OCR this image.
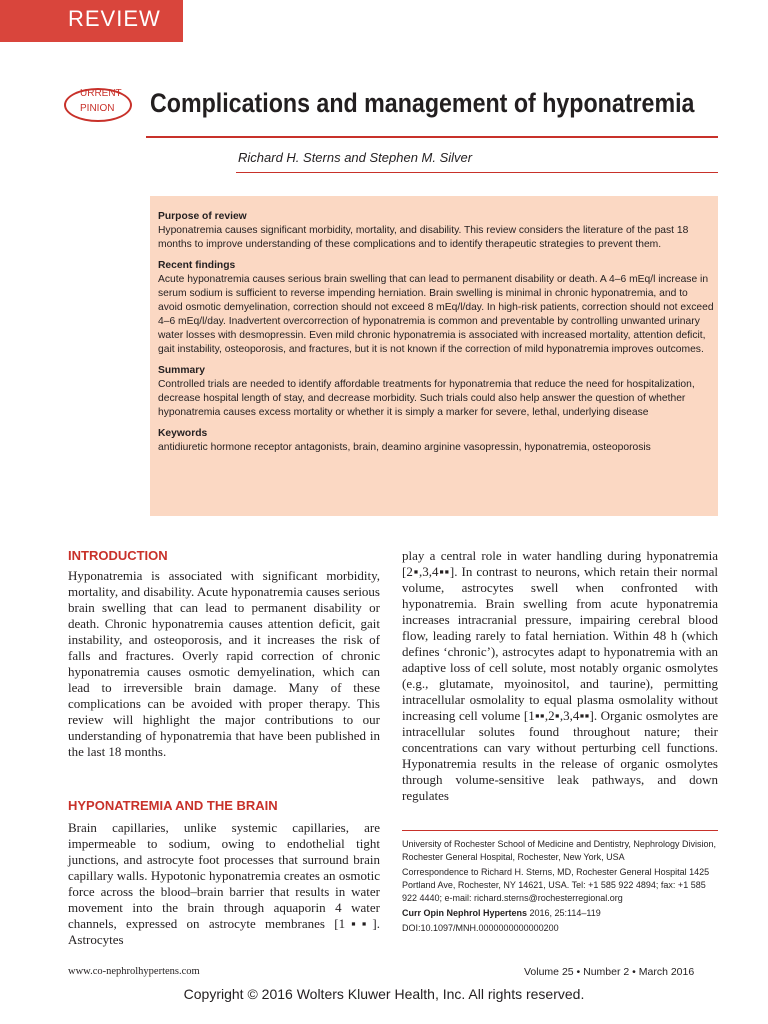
REVIEW
URRENT
PINION Complications and management of hyponatremia
Richard H. Sterns and Stephen M. Silver
Purpose of review
Hyponatremia causes significant morbidity, mortality, and disability. This review considers the literature of the past 18 months to improve understanding of these complications and to identify therapeutic strategies to prevent them.
Recent findings
Acute hyponatremia causes serious brain swelling that can lead to permanent disability or death. A 4–6 mEq/l increase in serum sodium is sufficient to reverse impending herniation. Brain swelling is minimal in chronic hyponatremia, and to avoid osmotic demyelination, correction should not exceed 8 mEq/l/day. In high-risk patients, correction should not exceed 4–6 mEq/l/day. Inadvertent overcorrection of hyponatremia is common and preventable by controlling unwanted urinary water losses with desmopressin. Even mild chronic hyponatremia is associated with increased mortality, attention deficit, gait instability, osteoporosis, and fractures, but it is not known if the correction of mild hyponatremia improves outcomes.
Summary
Controlled trials are needed to identify affordable treatments for hyponatremia that reduce the need for hospitalization, decrease hospital length of stay, and decrease morbidity. Such trials could also help answer the question of whether hyponatremia causes excess mortality or whether it is simply a marker for severe, lethal, underlying disease
Keywords
antidiuretic hormone receptor antagonists, brain, deamino arginine vasopressin, hyponatremia, osteoporosis
INTRODUCTION
Hyponatremia is associated with significant morbidity, mortality, and disability. Acute hyponatremia causes serious brain swelling that can lead to permanent disability or death. Chronic hyponatremia causes attention deficit, gait instability, and osteoporosis, and it increases the risk of falls and fractures. Overly rapid correction of chronic hyponatremia causes osmotic demyelination, which can lead to irreversible brain damage. Many of these complications can be avoided with proper therapy. This review will highlight the major contributions to our understanding of hyponatremia that have been published in the last 18 months.
HYPONATREMIA AND THE BRAIN
Brain capillaries, unlike systemic capillaries, are impermeable to sodium, owing to endothelial tight junctions, and astrocyte foot processes that surround brain capillary walls. Hypotonic hyponatremia creates an osmotic force across the blood–brain barrier that results in water movement into the brain through aquaporin 4 water channels, expressed on astrocyte membranes [1▪▪]. Astrocytes
play a central role in water handling during hyponatremia [2▪,3,4▪▪]. In contrast to neurons, which retain their normal volume, astrocytes swell when confronted with hyponatremia. Brain swelling from acute hyponatremia increases intracranial pressure, impairing cerebral blood flow, leading rarely to fatal herniation. Within 48 h (which defines ‘chronic’), astrocytes adapt to hyponatremia with an adaptive loss of cell solute, most notably organic osmolytes (e.g., glutamate, myoinositol, and taurine), permitting intracellular osmolality to equal plasma osmolality without increasing cell volume [1▪▪,2▪,3,4▪▪]. Organic osmolytes are intracellular solutes found throughout nature; their concentrations can vary without perturbing cell functions. Hyponatremia results in the release of organic osmolytes through volume-sensitive leak pathways, and down regulates

University of Rochester School of Medicine and Dentistry, Nephrology Division, Rochester General Hospital, Rochester, New York, USA

Correspondence to Richard H. Sterns, MD, Rochester General Hospital 1425 Portland Ave, Rochester, NY 14621, USA. Tel: +1 585 922 4894; fax: +1 585 922 4440; e-mail: richard.sterns@rochesterregional.org

Curr Opin Nephrol Hypertens 2016, 25:114–119

DOI:10.1097/MNH.0000000000000200

www.co-nephrolhypertens.com	Volume 25 • Number 2 • March 2016
Copyright © 2016 Wolters Kluwer Health, Inc. All rights reserved.
